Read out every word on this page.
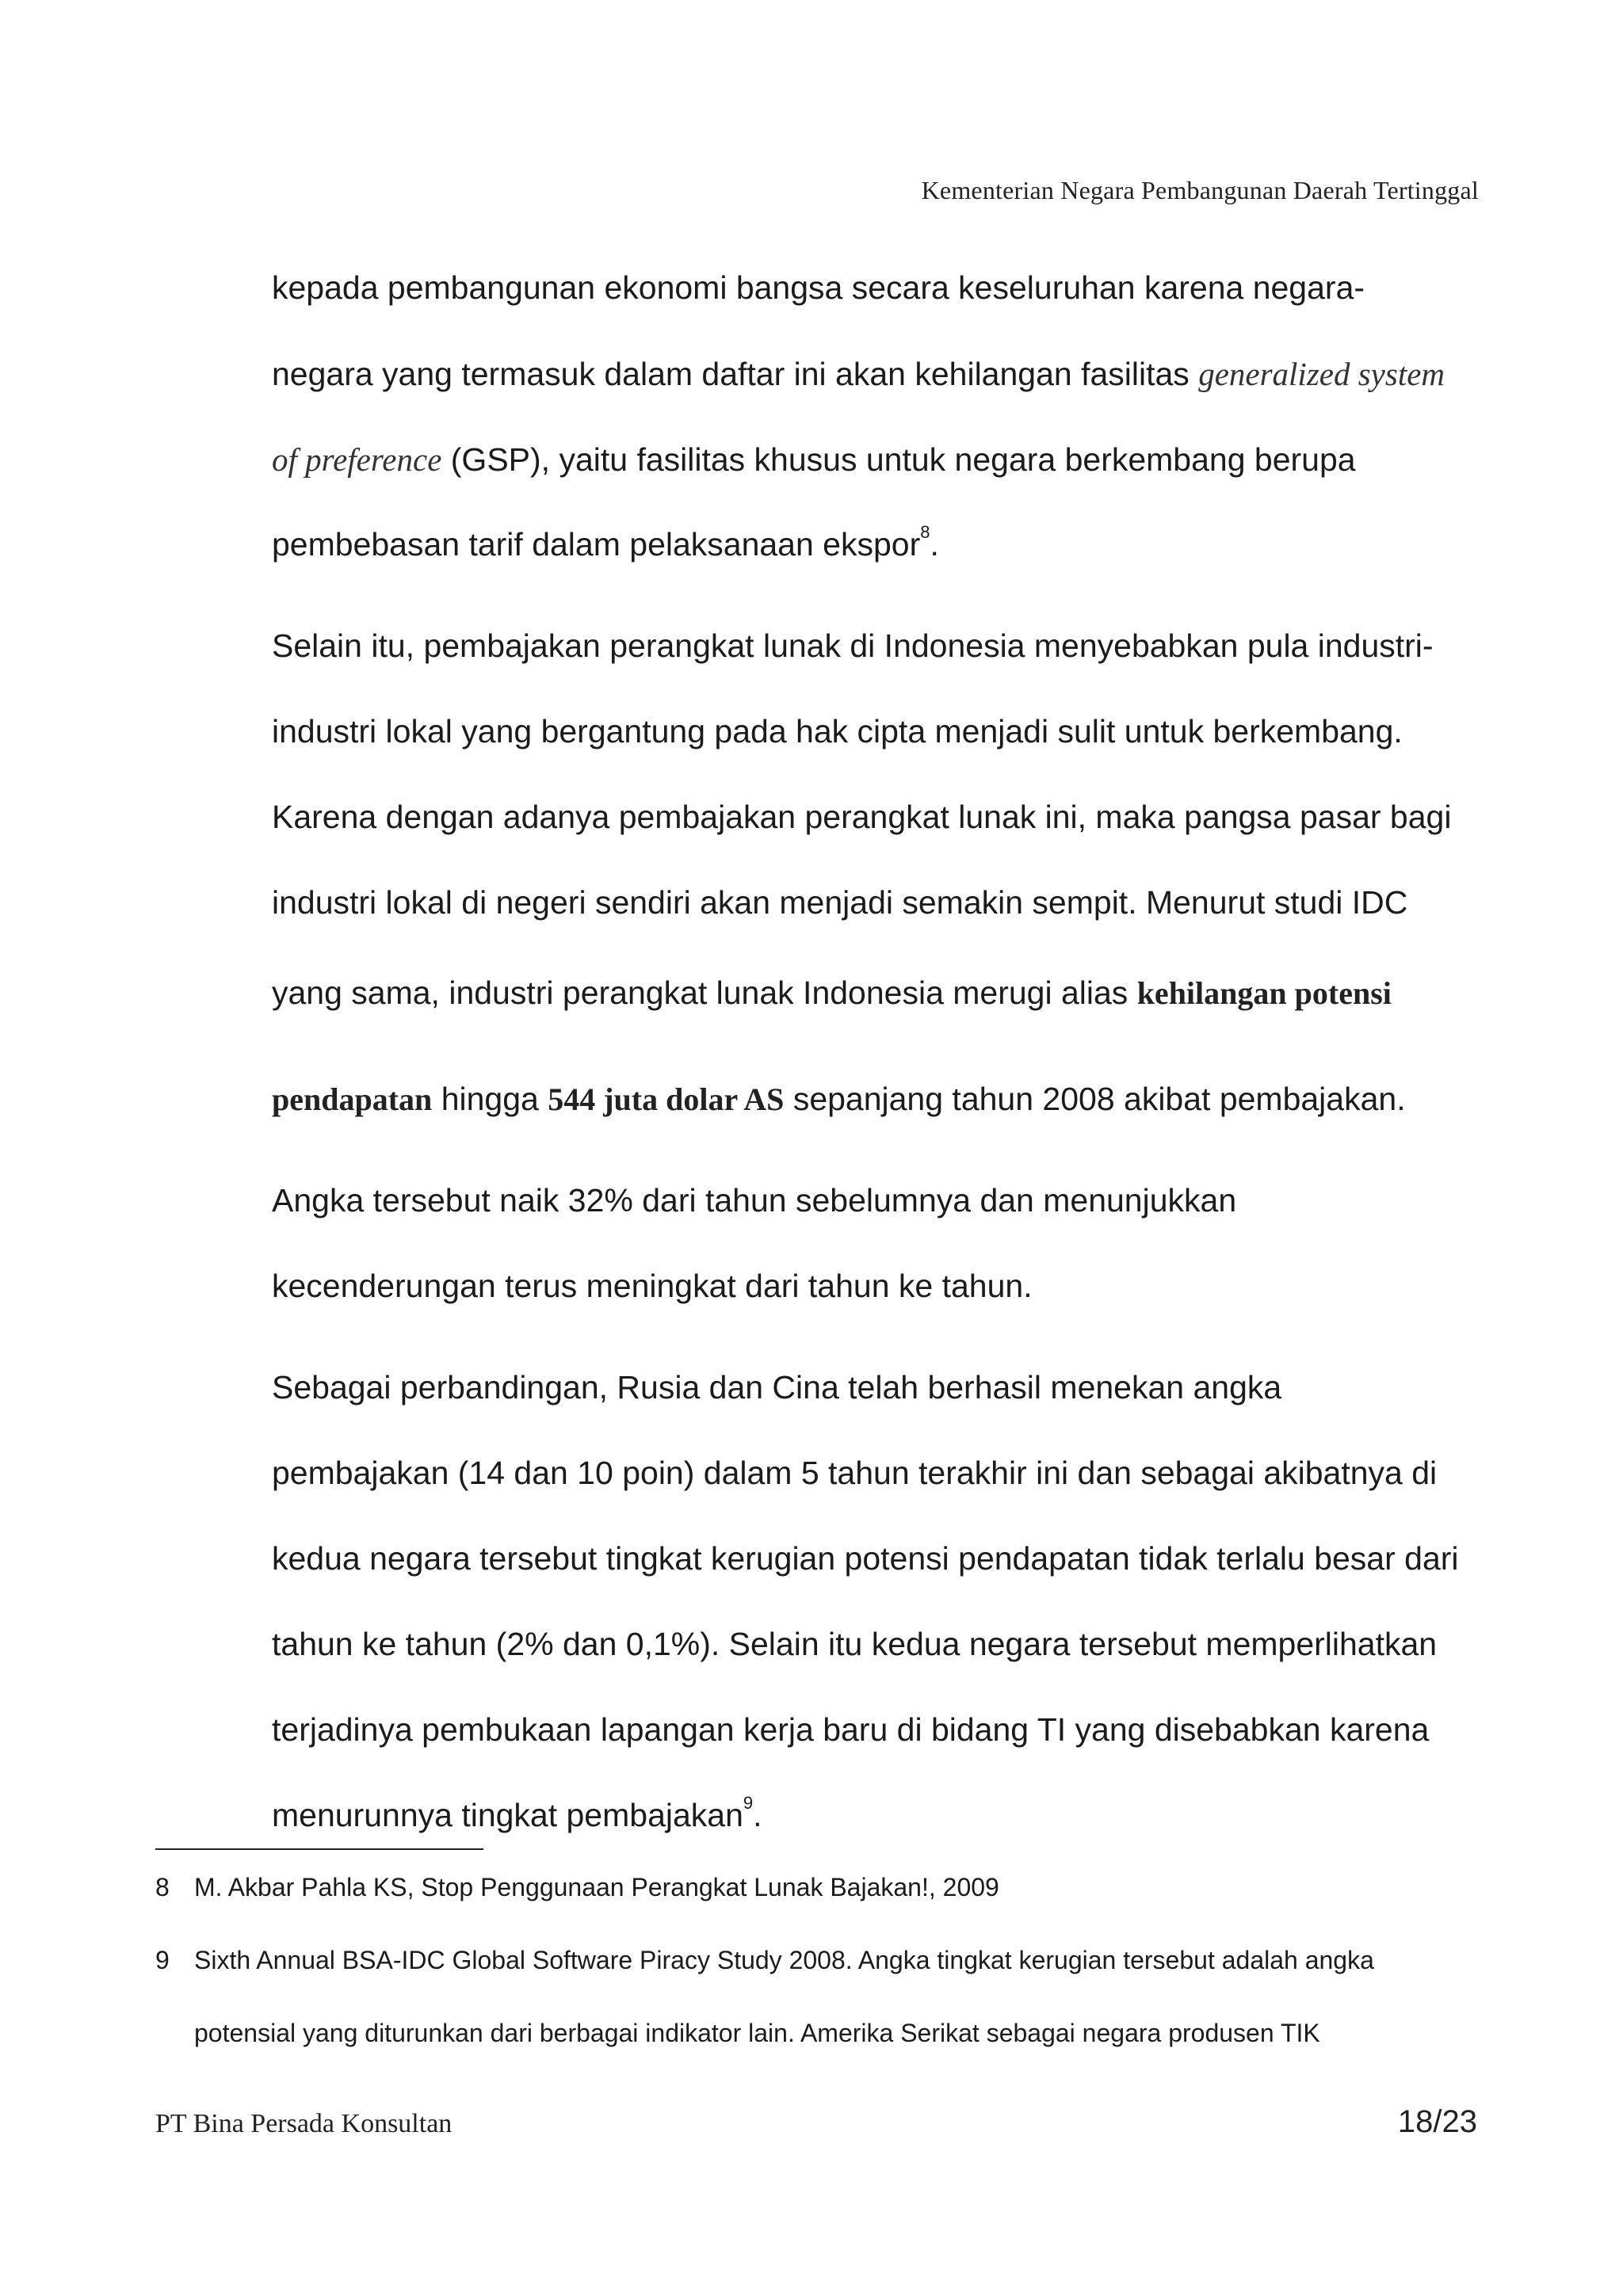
Kementerian Negara Pembangunan Daerah Tertinggal
kepada pembangunan ekonomi bangsa secara keseluruhan karena negara-
negara yang termasuk dalam daftar ini akan kehilangan fasilitas generalized system
of preference (GSP), yaitu fasilitas khusus untuk negara berkembang berupa
pembebasan tarif dalam pelaksanaan ekspor$^8$.
Selain itu, pembajakan perangkat lunak di Indonesia menyebabkan pula industri-
industri lokal yang bergantung pada hak cipta menjadi sulit untuk berkembang.
Karena dengan adanya pembajakan perangkat lunak ini, maka pangsa pasar bagi
industri lokal di negeri sendiri akan menjadi semakin sempit. Menurut studi IDC
yang sama, industri perangkat lunak Indonesia merugi alias kehilangan potensi
pendapatan hingga 544 juta dolar AS sepanjang tahun 2008 akibat pembajakan.
Angka tersebut naik 32% dari tahun sebelumnya dan menunjukkan
kecenderungan terus meningkat dari tahun ke tahun.
Sebagai perbandingan, Rusia dan Cina telah berhasil menekan angka
pembajakan (14 dan 10 poin) dalam 5 tahun terakhir ini dan sebagai akibatnya di
kedua negara tersebut tingkat kerugian potensi pendapatan tidak terlalu besar dari
tahun ke tahun (2% dan 0,1%). Selain itu kedua negara tersebut memperlihatkan
terjadinya pembukaan lapangan kerja baru di bidang TI yang disebabkan karena
menurunnya tingkat pembajakan$^9$.
8 M. Akbar Pahla KS, Stop Penggunaan Perangkat Lunak Bajakan!, 2009
9 Sixth Annual BSA-IDC Global Software Piracy Study 2008. Angka tingkat kerugian tersebut adalah angka
potensial yang diturunkan dari berbagai indikator lain. Amerika Serikat sebagai negara produsen TIK
PT Bina Persada Konsultan	18/23
